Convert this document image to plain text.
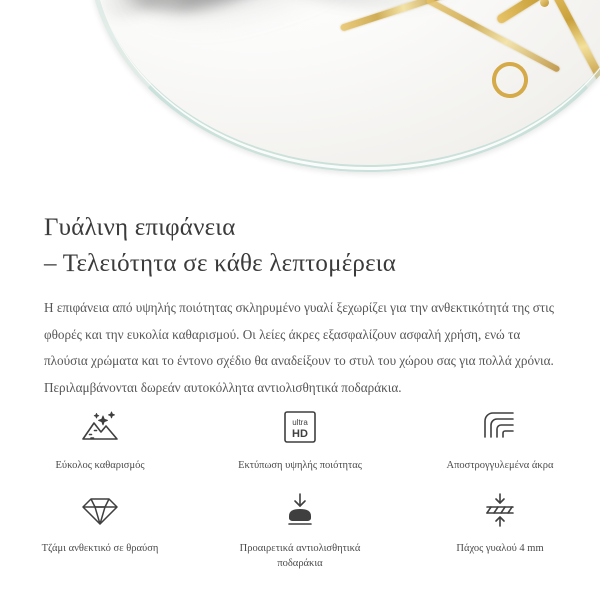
Γυάλινη επιφάνεια
– Τελειότητα σε κάθε λεπτομέρεια

Η επιφάνεια από υψηλής ποιότητας σκληρυμένο γυαλί ξεχωρίζει για την ανθεκτικότητά της στις φθορές και την ευκολία καθαρισμού. Οι λείες άκρες εξασφαλίζουν ασφαλή χρήση, ενώ τα πλούσια χρώματα και το έντονο σχέδιο θα αναδείξουν το στυλ του χώρου σας για πολλά χρόνια. Περιλαμβάνονται δωρεάν αυτοκόλλητα αντιολισθητικά ποδαράκια.

Εύκολος καθαρισμός
ultra
HD
Εκτύπωση υψηλής ποιότητας	Αποστρογγυλεμένα άκρα
Τζάμι ανθεκτικό σε θραύση	Προαιρετικά αντιολισθητικά ποδαράκια
Πάχος γυαλού 4 mm
